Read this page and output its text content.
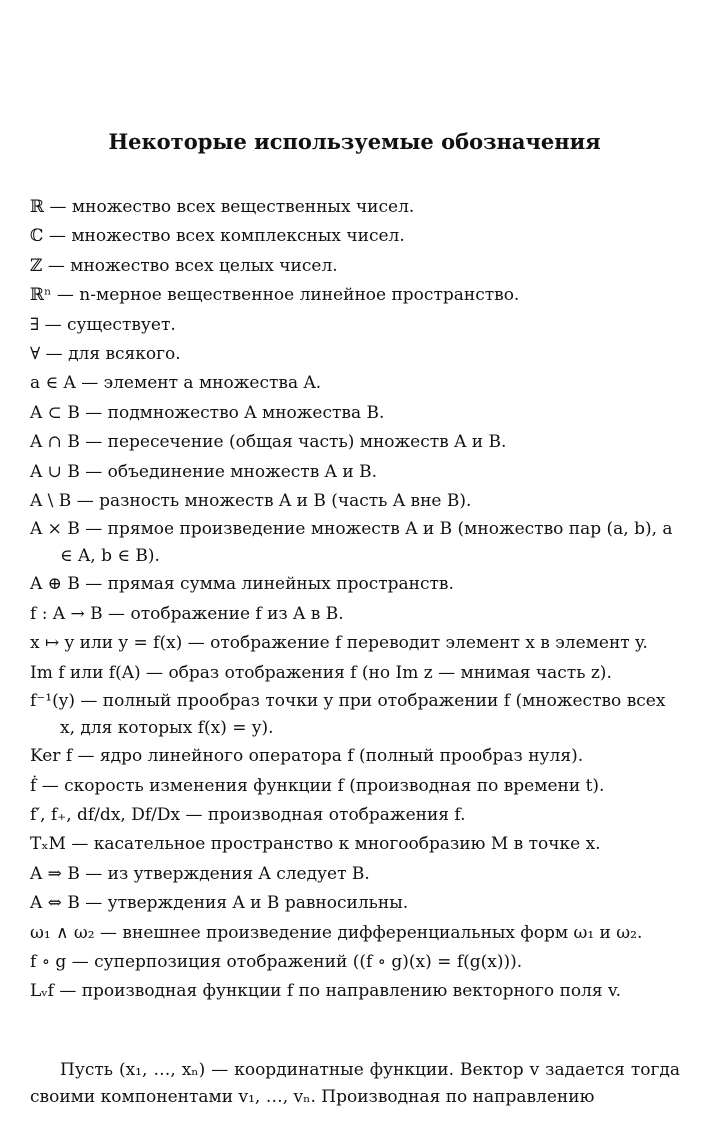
Некоторые используемые обозначения
ℝ — множество всех вещественных чисел.
ℂ — множество всех комплексных чисел.
ℤ — множество всех целых чисел.
ℝⁿ — n-мерное вещественное линейное пространство.
∃ — существует.
∀ — для всякого.
a ∈ A — элемент a множества A.
A ⊂ B — подмножество A множества B.
A ∩ B — пересечение (общая часть) множеств A и B.
A ∪ B — объединение множеств A и B.
A \ B — разность множеств A и B (часть A вне B).
A × B — прямое произведение множеств A и B (множество пар (a, b), a ∈ A, b ∈ B).
A ⊕ B — прямая сумма линейных пространств.
f : A → B — отображение f из A в B.
x ↦ y или y = f(x) — отображение f переводит элемент x в элемент y.
Im f или f(A) — образ отображения f (но Im z — мнимая часть z).
f⁻¹(y) — полный прообраз точки y при отображении f (множество всех x, для которых f(x) = y).
Ker f — ядро линейного оператора f (полный прообраз нуля).
ḟ — скорость изменения функции f (производная по времени t).
f′, f₊, df/dx, Df/Dx — производная отображения f.
TₓM — касательное пространство к многообразию M в точке x.
A ⇒ B — из утверждения A следует B.
A ⇔ B — утверждения A и B равносильны.
ω₁ ∧ ω₂ — внешнее произведение дифференциальных форм ω₁ и ω₂.
f ∘ g — суперпозиция отображений ((f ∘ g)(x) = f(g(x))).
Lᵥf — производная функции f по направлению векторного поля v.

Пусть (x₁, …, xₙ) — координатные функции. Вектор v задается тогда своими компонентами v₁, …, vₙ. Производная по направлению
